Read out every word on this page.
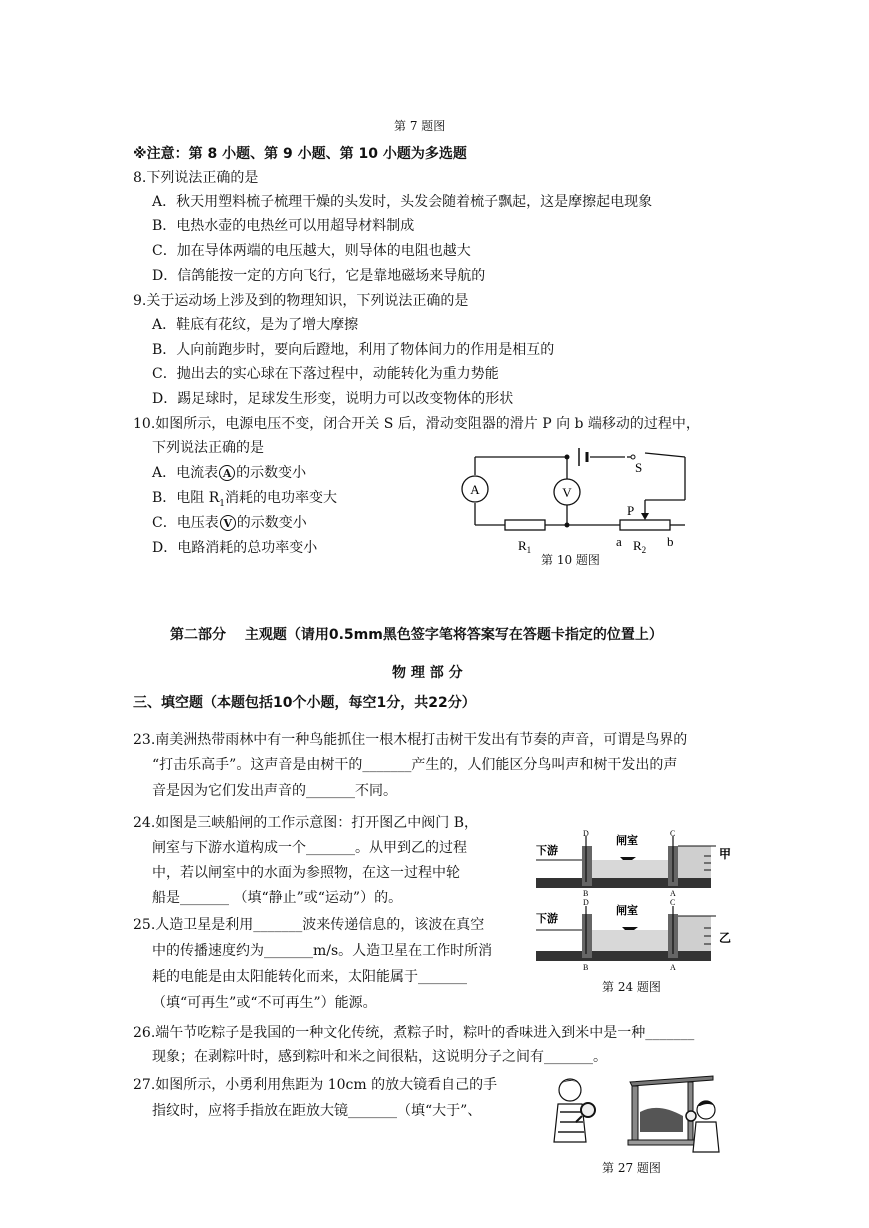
第 7 题图
※注意：第 8 小题、第 9 小题、第 10 小题为多选题
8.下列说法正确的是
A．秋天用塑料梳子梳理干燥的头发时，头发会随着梳子飘起，这是摩擦起电现象
B．电热水壶的电热丝可以用超导材料制成
C．加在导体两端的电压越大，则导体的电阻也越大
D．信鸽能按一定的方向飞行，它是靠地磁场来导航的
9.关于运动场上涉及到的物理知识，下列说法正确的是
A．鞋底有花纹，是为了增大摩擦
B．人向前跑步时，要向后蹬地，利用了物体间力的作用是相互的
C．抛出去的实心球在下落过程中，动能转化为重力势能
D．踢足球时，足球发生形变，说明力可以改变物体的形状
10.如图所示，电源电压不变，闭合开关 S 后，滑动变阻器的滑片 P 向 b 端移动的过程中，
下列说法正确的是
A．电流表 A 的示数变小
B．电阻 $R_1$消耗的电功率变大
C．电压表 V 的示数变小
D．电路消耗的总功率变小
A	V
$R_1$
P
$R_2$
a	b
S
第 10 题图
第二部分　 主观题（请用0.5mm黑色签字笔将答案写在答题卡指定的位置上）
物 理 部 分
三、填空题（本题包括10个小题，每空1分，共22分）
23.南美洲热带雨林中有一种鸟能抓住一根木棍打击树干发出有节奏的声音，可谓是鸟界的
“打击乐高手”。这声音是由树干的_______产生的，人们能区分鸟叫声和树干发出的声
音是因为它们发出声音的_______不同。
24.如图是三峡船闸的工作示意图：打开图乙中阀门 B，
闸室与下游水道构成一个_______。从甲到乙的过程
中，若以闸室中的水面为参照物，在这一过程中轮
船是_______ （填“静止”或“运动”）的。
25.人造卫星是利用_______波来传递信息的，该波在真空
中的传播速度约为_______m/s。人造卫星在工作时所消
耗的电能是由太阳能转化而来，太阳能属于_______
（填“可再生”或“不可再生”）能源。
下游
闸室
D	C
B	A
甲
下游
闸室
D	C
B	A
乙
第 24 题图
26.端午节吃粽子是我国的一种文化传统，煮粽子时，粽叶的香味进入到米中是一种_______
现象；在剥粽叶时，感到粽叶和米之间很粘，这说明分子之间有_______。
27.如图所示，小勇利用焦距为 10cm 的放大镜看自己的手
指纹时，应将手指放在距放大镜_______（填“大于”、
第 27 题图
